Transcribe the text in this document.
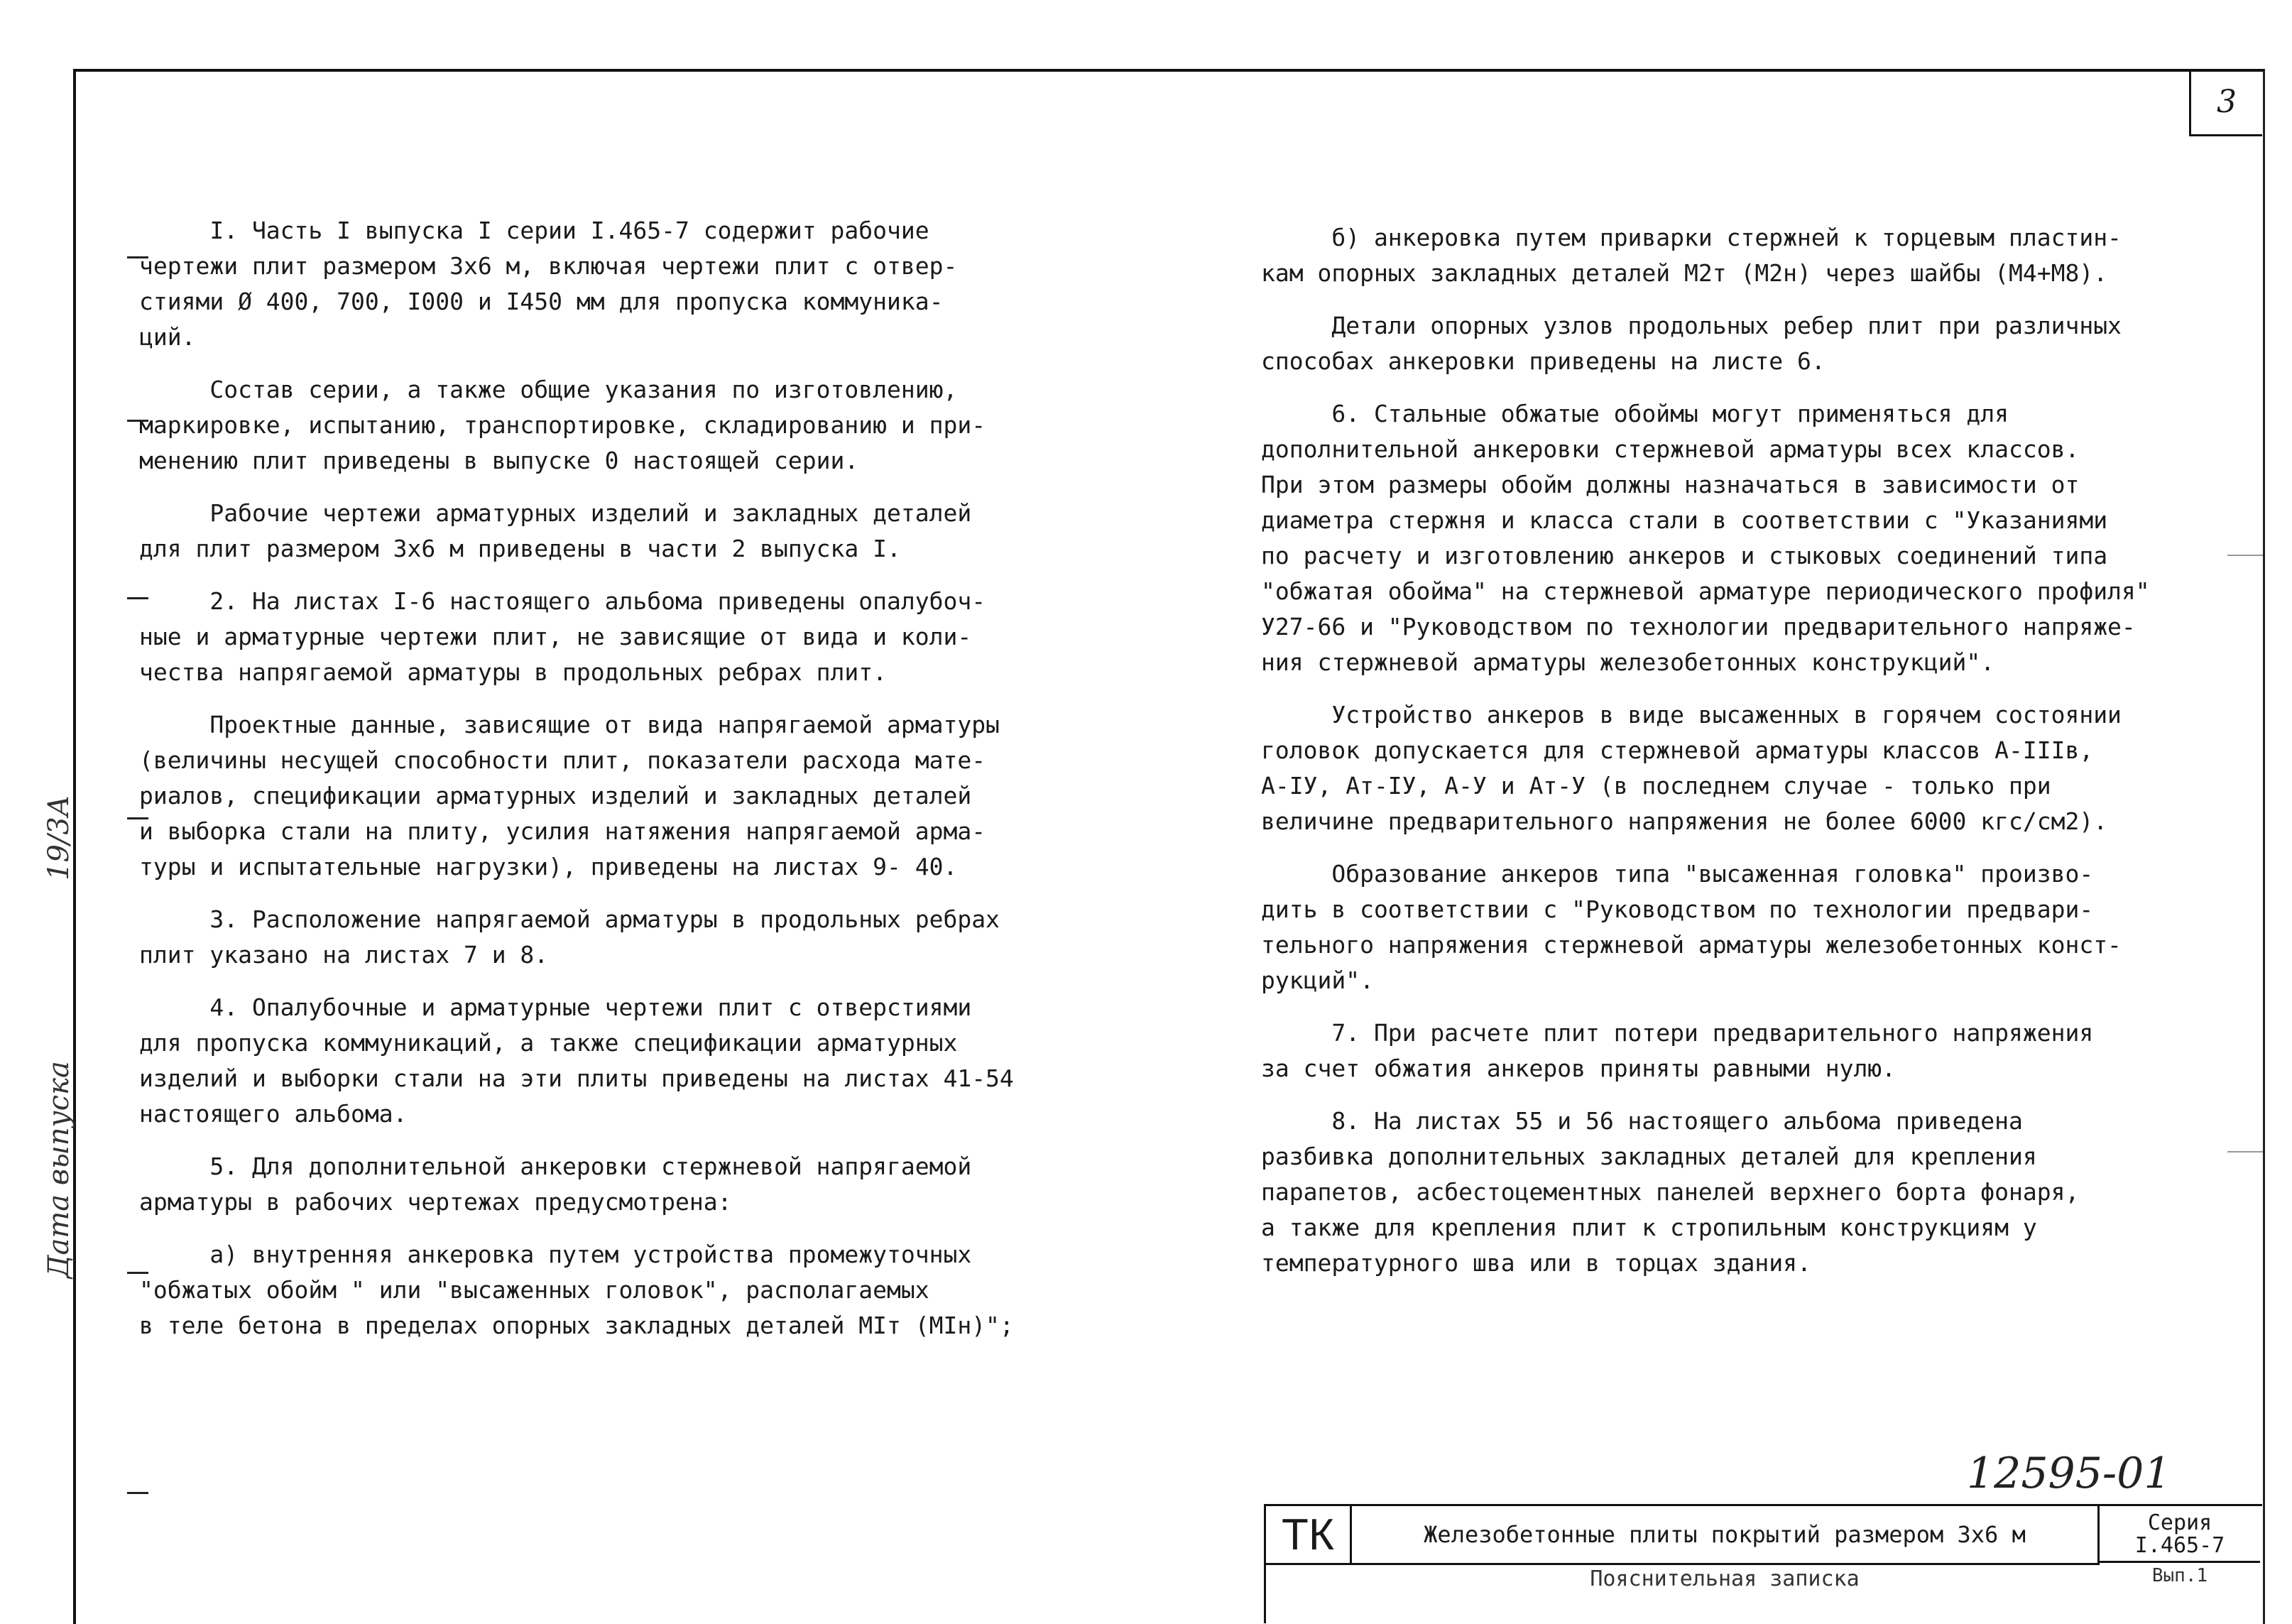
Дата выпуска
19/3А
3

I. Часть I выпуска I серии I.465-7 содержит рабочие
чертежи плит размером 3х6 м, включая чертежи плит с отвер-
стиями Ø 400, 700, I000 и I450 мм для пропуска коммуника-
ций.

Состав серии, а также общие указания по изготовлению,
маркировке, испытанию, транспортировке, складированию и при-
менению плит приведены в выпуске 0 настоящей серии.

Рабочие чертежи арматурных изделий и закладных деталей
для плит размером 3х6 м приведены в части 2 выпуска I.

2. На листах I-6 настоящего альбома приведены опалубоч-
ные и арматурные чертежи плит, не зависящие от вида и коли-
чества напрягаемой арматуры в продольных ребрах плит.

Проектные данные, зависящие от вида напрягаемой арматуры
(величины несущей способности плит, показатели расхода мате-
риалов, спецификации арматурных изделий и закладных деталей
и выборка стали на плиту, усилия натяжения напрягаемой арма-
туры и испытательные нагрузки), приведены на листах 9- 40.

3. Расположение напрягаемой арматуры в продольных ребрах
плит указано на листах 7 и 8.

4. Опалубочные и арматурные чертежи плит с отверстиями
для пропуска коммуникаций, а также спецификации арматурных
изделий и выборки стали на эти плиты приведены на листах 41-54
настоящего альбома.

5. Для дополнительной анкеровки стержневой напрягаемой
арматуры в рабочих чертежах предусмотрена:

а) внутренняя анкеровка путем устройства промежуточных
"обжатых обойм " или "высаженных головок", располагаемых
в теле бетона в пределах опорных закладных деталей МIт (МIн)";

б) анкеровка путем приварки стержней к торцевым пластин-
кам опорных закладных деталей М2т (М2н) через шайбы (М4+М8).

Детали опорных узлов продольных ребер плит при различных
способах анкеровки приведены на листе 6.

6. Стальные обжатые обоймы могут применяться для
дополнительной анкеровки стержневой арматуры всех классов.
При этом размеры обойм должны назначаться в зависимости от
диаметра стержня и класса стали в соответствии с "Указаниями
по расчету и изготовлению анкеров и стыковых соединений типа
"обжатая обойма" на стержневой арматуре периодического профиля"
У27-66 и "Руководством по технологии предварительного напряже-
ния стержневой арматуры железобетонных конструкций".

Устройство анкеров в виде высаженных в горячем состоянии
головок допускается для стержневой арматуры классов А-IIIв,
А-IУ, Ат-IУ, А-У и Ат-У (в последнем случае - только при
величине предварительного напряжения не более 6000 кгс/см2).

Образование анкеров типа "высаженная головка" произво-
дить в соответствии с "Руководством по технологии предвари-
тельного напряжения стержневой арматуры железобетонных конст-
рукций".

7. При расчете плит потери предварительного напряжения
за счет обжатия анкеров приняты равными нулю.

8. На листах 55 и 56 настоящего альбома приведена
разбивка дополнительных закладных деталей для крепления
парапетов, асбестоцементных панелей верхнего борта фонаря,
а также для крепления плит к стропильным конструкциям у
температурного шва или в торцах здания.

12595-01
ТК	Железобетонные плиты покрытий размером 3х6 м	Серия
I.465-7
Пояснительная записка	Вып.1
